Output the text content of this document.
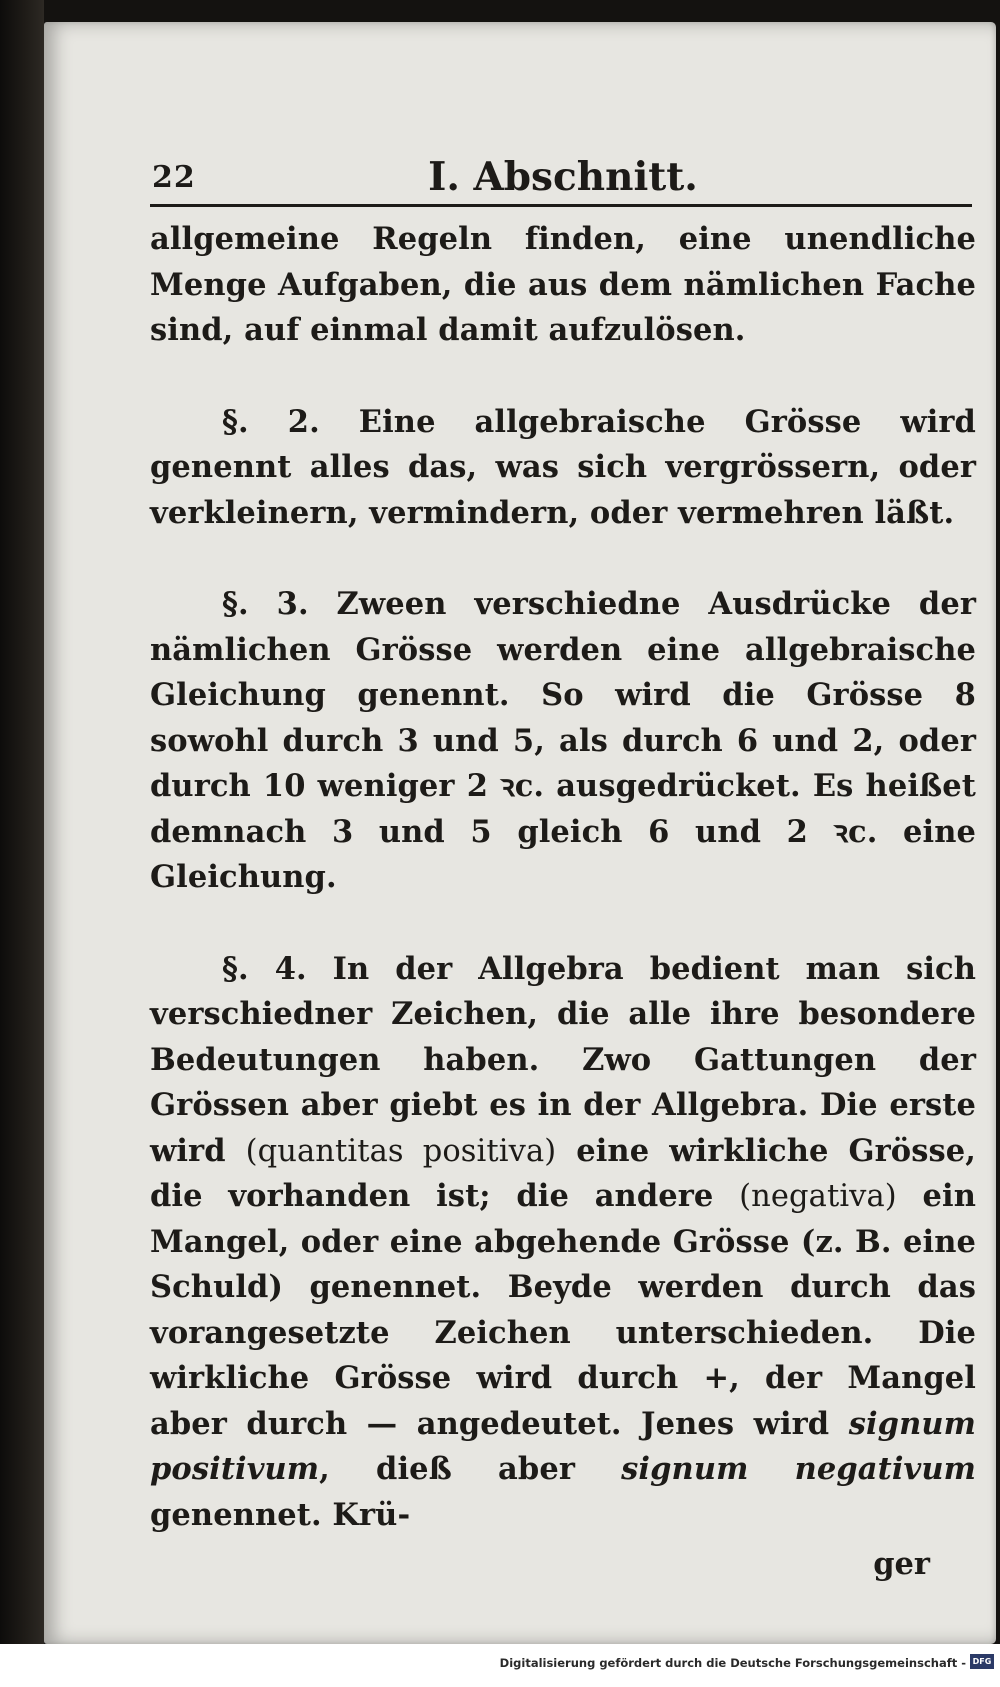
22	I. Abschnitt.

allgemeine Regeln finden, eine unendliche Menge Aufgaben, die aus dem nämlichen Fache sind, auf einmal damit aufzulösen.

§. 2. Eine allgebraische Grösse wird genennt alles das, was sich vergrössern, oder verkleinern, vermindern, oder vermehren läßt.

§. 3. Zween verschiedne Ausdrücke der nämlichen Grösse werden eine allgebraische Gleichung genennt. So wird die Grösse 8 sowohl durch 3 und 5, als durch 6 und 2, oder durch 10 weniger 2 ꝛc. ausgedrücket. Es heißet demnach 3 und 5 gleich 6 und 2 ꝛc. eine Gleichung.

§. 4. In der Allgebra bedient man sich verschiedner Zeichen, die alle ihre besondere Bedeutungen haben. Zwo Gattungen der Grössen aber giebt es in der Allgebra. Die erste wird (quantitas positiva) eine wirkliche Grösse, die vorhanden ist; die andere (negativa) ein Mangel, oder eine abgehende Grösse (z. B. eine Schuld) genennet. Beyde werden durch das vorangesetzte Zeichen unterschieden. Die wirkliche Grösse wird durch +, der Mangel aber durch — angedeutet. Jenes wird signum positivum, dieß aber signum negativum genennet. Krü-

ger
Digitalisierung gefördert durch die Deutsche Forschungsgemeinschaft - DFG
